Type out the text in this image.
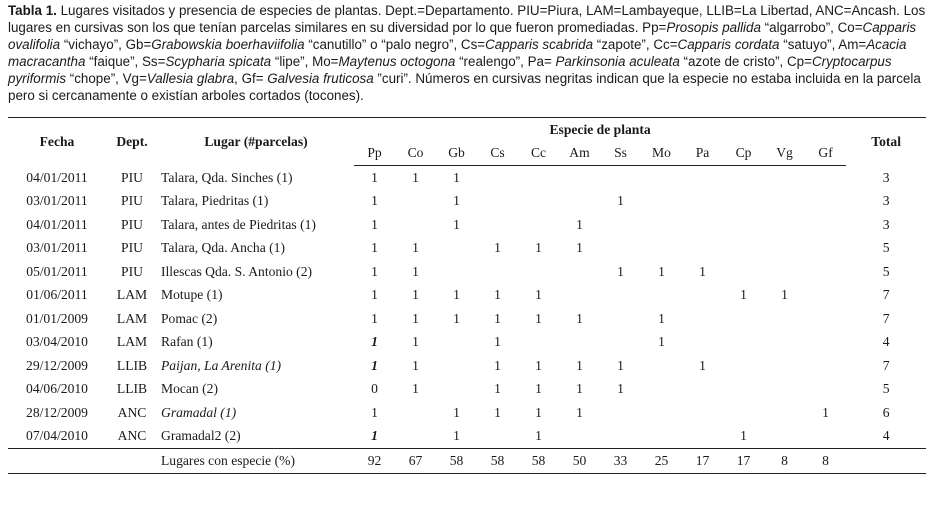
Tabla 1. Lugares visitados y presencia de especies de plantas. Dept.=Departamento. PIU=Piura, LAM=Lambayeque, LLIB=La Libertad, ANC=Ancash. Los lugares en cursivas son los que tenían parcelas similares en su diversidad por lo que fueron promediadas. Pp=Prosopis pallida “algarrobo”, Co=Capparis ovalifolia “vichayo”, Gb=Grabowskia boerhaviifolia “canutillo” o “palo negro”, Cs=Capparis scabrida “zapote”, Cc=Capparis cordata “satuyo”, Am=Acacia macracantha “faique”, Ss=Scypharia spicata “lipe”, Mo=Maytenus octogona “realengo”, Pa= Parkinsonia aculeata “azote de cristo”, Cp=Cryptocarpus pyriformis “chope”, Vg=Vallesia glabra, Gf= Galvesia fruticosa ”curi”. Números en cursivas negritas indican que la especie no estaba incluida en la parcela pero si cercanamente o existían arboles cortados (tocones).
Fecha	Dept.	Lugar (#parcelas)	Especie de planta												Total
			Pp	Co	Gb	Cs	Cc	Am	Ss	Mo	Pa	Cp	Vg	Gf	
04/01/2011	PIU	Talara, Qda. Sinches (1)	1	1	1										3
03/01/2011	PIU	Talara, Piedritas (1)	1		1				1						3
04/01/2011	PIU	Talara, antes de Piedritas (1)	1		1			1							3
03/01/2011	PIU	Talara, Qda. Ancha (1)	1	1		1	1	1							5
05/01/2011	PIU	Illescas Qda. S. Antonio (2)	1	1					1	1	1				5
01/06/2011	LAM	Motupe (1)	1	1	1	1	1					1	1		7
01/01/2009	LAM	Pomac (2)	1	1	1	1	1	1		1					7
03/04/2010	LAM	Rafan (1)	1	1		1				1					4
29/12/2009	LLIB	Paijan, La Arenita (1)	1	1		1	1	1	1		1				7
04/06/2010	LLIB	Mocan (2)	0	1		1	1	1	1						5
28/12/2009	ANC	Gramadal (1)	1		1	1	1	1						1	6
07/04/2010	ANC	Gramadal2 (2)	1		1		1					1			4
		Lugares con especie (%)	92	67	58	58	58	50	33	25	17	17	8	8	
